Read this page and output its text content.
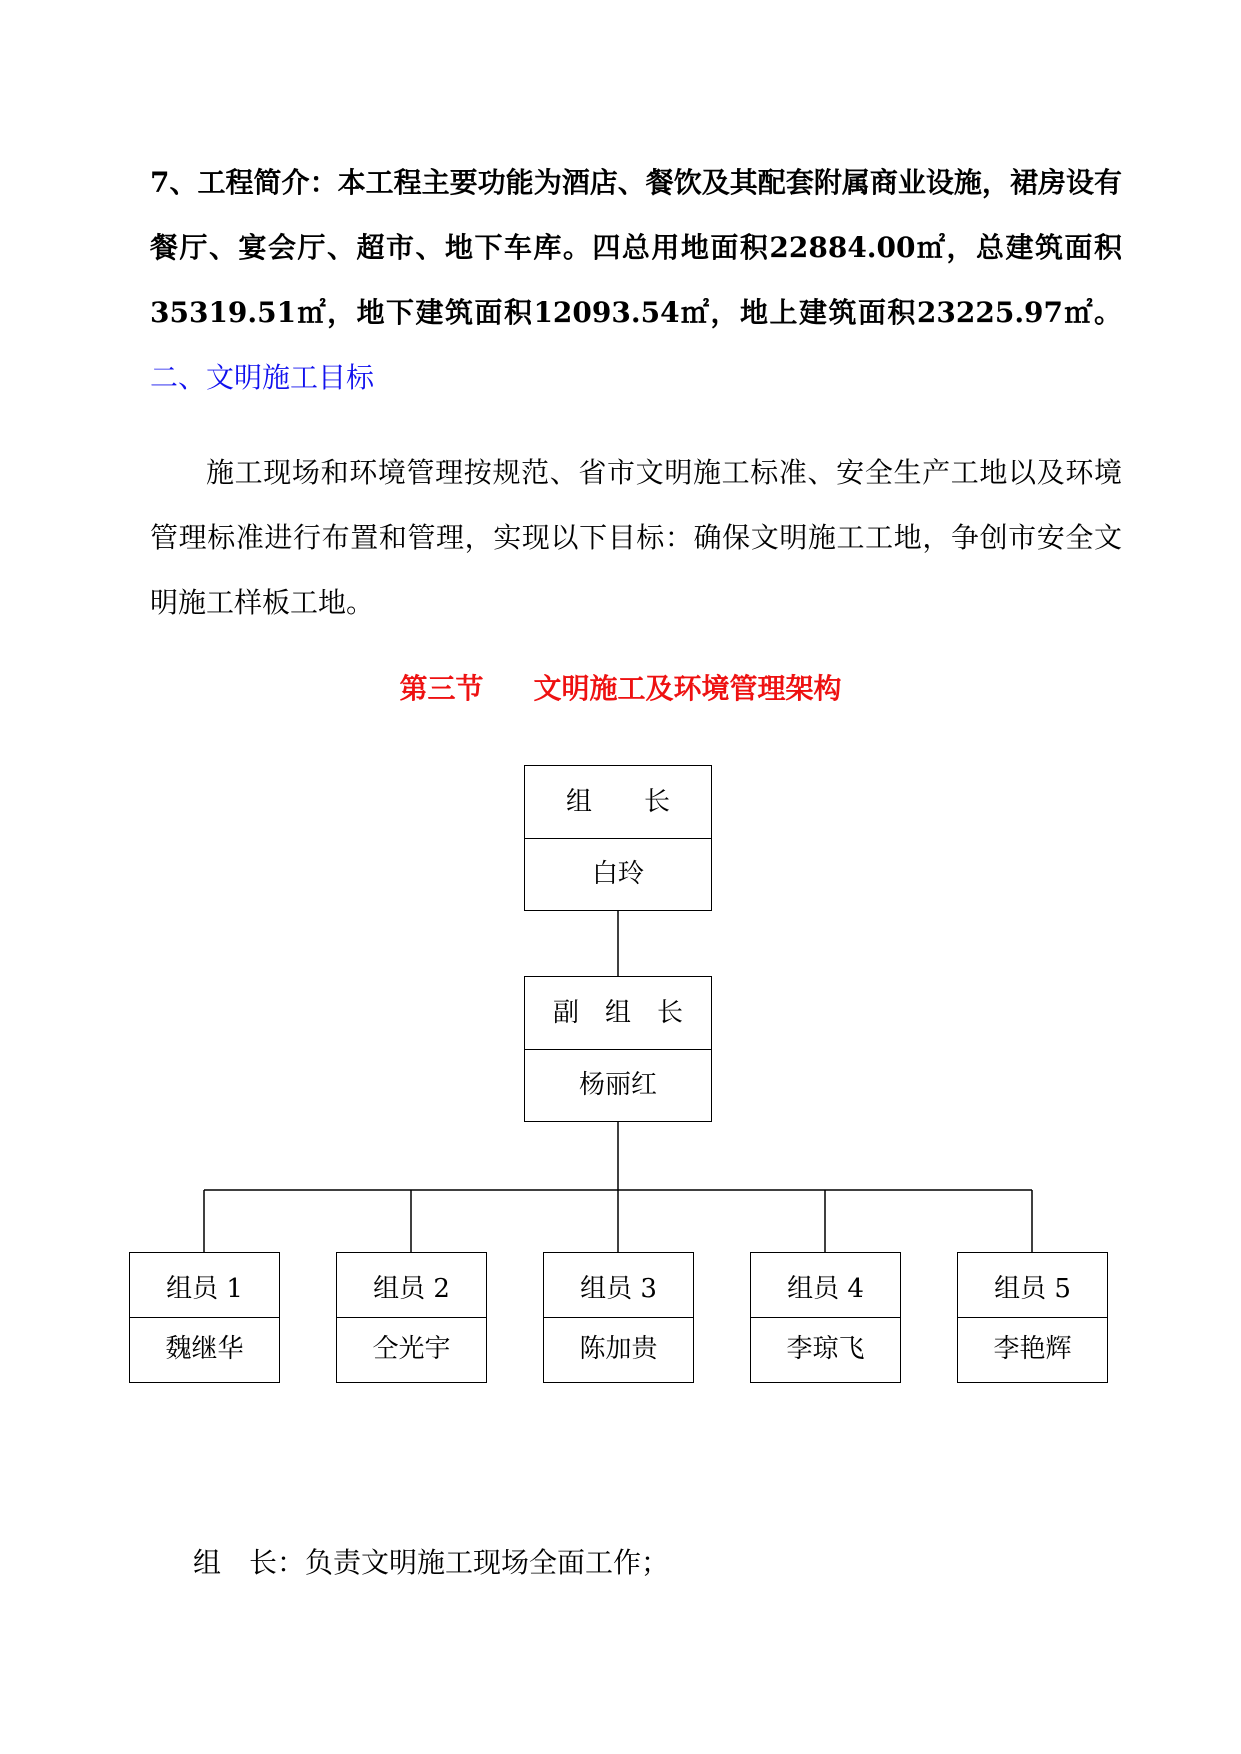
7、工程简介：本工程主要功能为酒店、餐饮及其配套附属商业设施，裙房设有餐厅、宴会厅、超市、地下车库。四总用地面积22884.00㎡，总建筑面积35319.51㎡，地下建筑面积12093.54㎡，地上建筑面积23225.97㎡。二、文明施工目标

施工现场和环境管理按规范、省市文明施工标准、安全生产工地以及环境管理标准进行布置和管理，实现以下目标：确保文明施工工地，争创市安全文明施工样板工地。

第三节 文明施工及环境管理架构
组　　长
白玲
副　组　长
杨丽红
组员 1
魏继华
组员 2
仝光宇
组员 3
陈加贵
组员 4
李琼飞
组员 5
李艳辉

组　长：负责文明施工现场全面工作；
